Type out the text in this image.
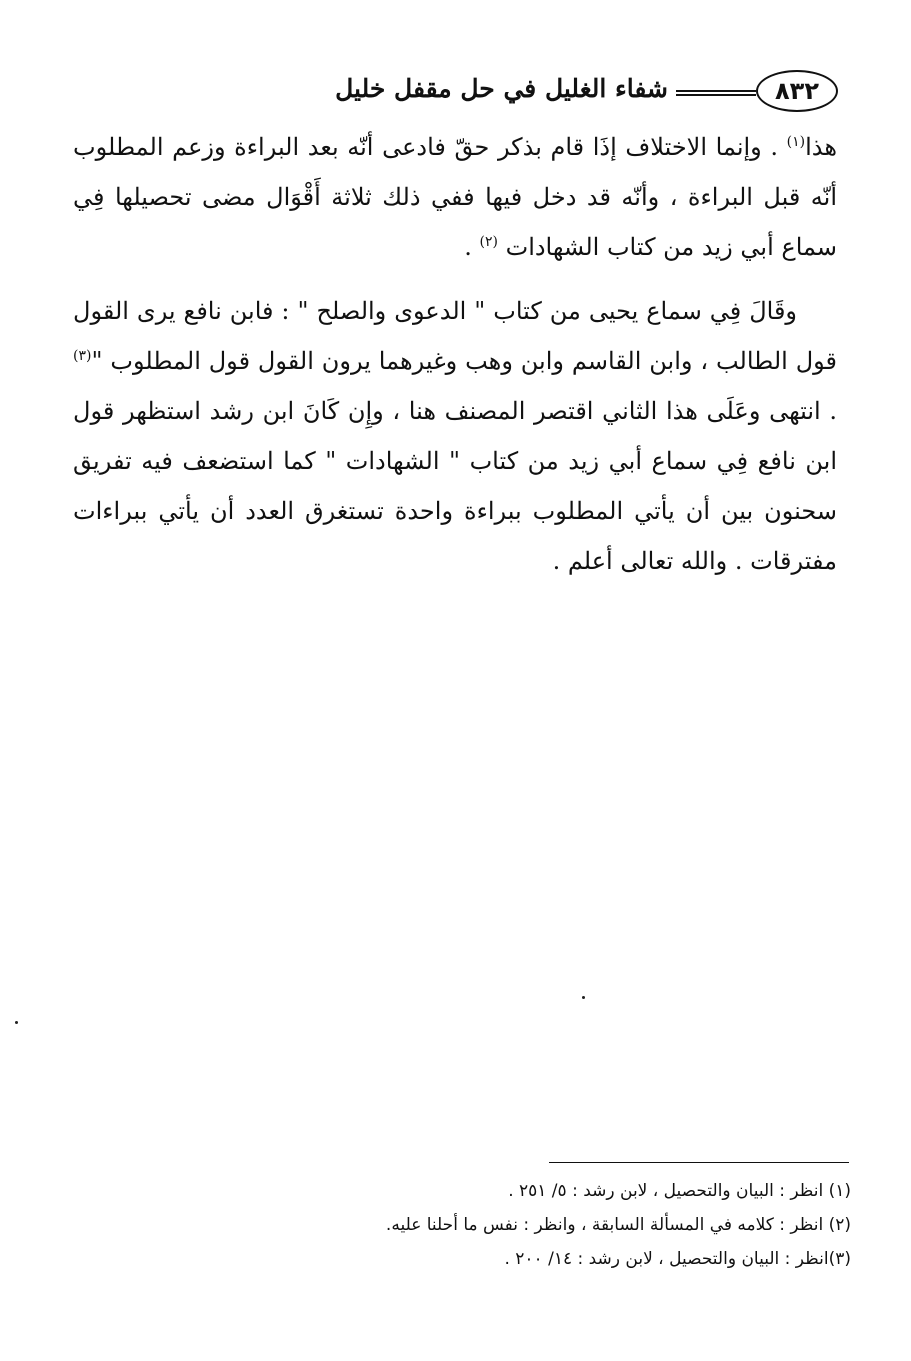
٨٣٢
شفاء الغليل في حل مقفل خليل

هذا$^{(١)}$ . وإنما الاختلاف إذَا قام بذكر حقّ فادعى أنّه بعد البراءة وزعم المطلوب أنّه قبل البراءة ، وأنّه قد دخل فيها ففي ذلك ثلاثة أَقْوَال مضى تحصيلها فِي سماع أبي زيد من كتاب الشهادات $^{(٢)}$ .

وقَالَ فِي سماع يحيى من كتاب " الدعوى والصلح " : فابن نافع يرى القول قول الطالب ، وابن القاسم وابن وهب وغيرهما يرون القول قول المطلوب "$^{(٣)}$ . انتهى وعَلَى هذا الثاني اقتصر المصنف هنا ، وإِن كَانَ ابن رشد استظهر قول ابن نافع فِي سماع أبي زيد من كتاب " الشهادات " كما استضعف فيه تفريق سحنون بين أن يأتي المطلوب ببراءة واحدة تستغرق العدد أن يأتي ببراءات مفترقات . والله تعالى أعلم .

(١) انظر : البيان والتحصيل ، لابن رشد : ٥/ ٢٥١ .
(٢) انظر : كلامه في المسألة السابقة ، وانظر : نفس ما أحلنا عليه.
(٣)انظر : البيان والتحصيل ، لابن رشد : ١٤/ ٢٠٠ .
